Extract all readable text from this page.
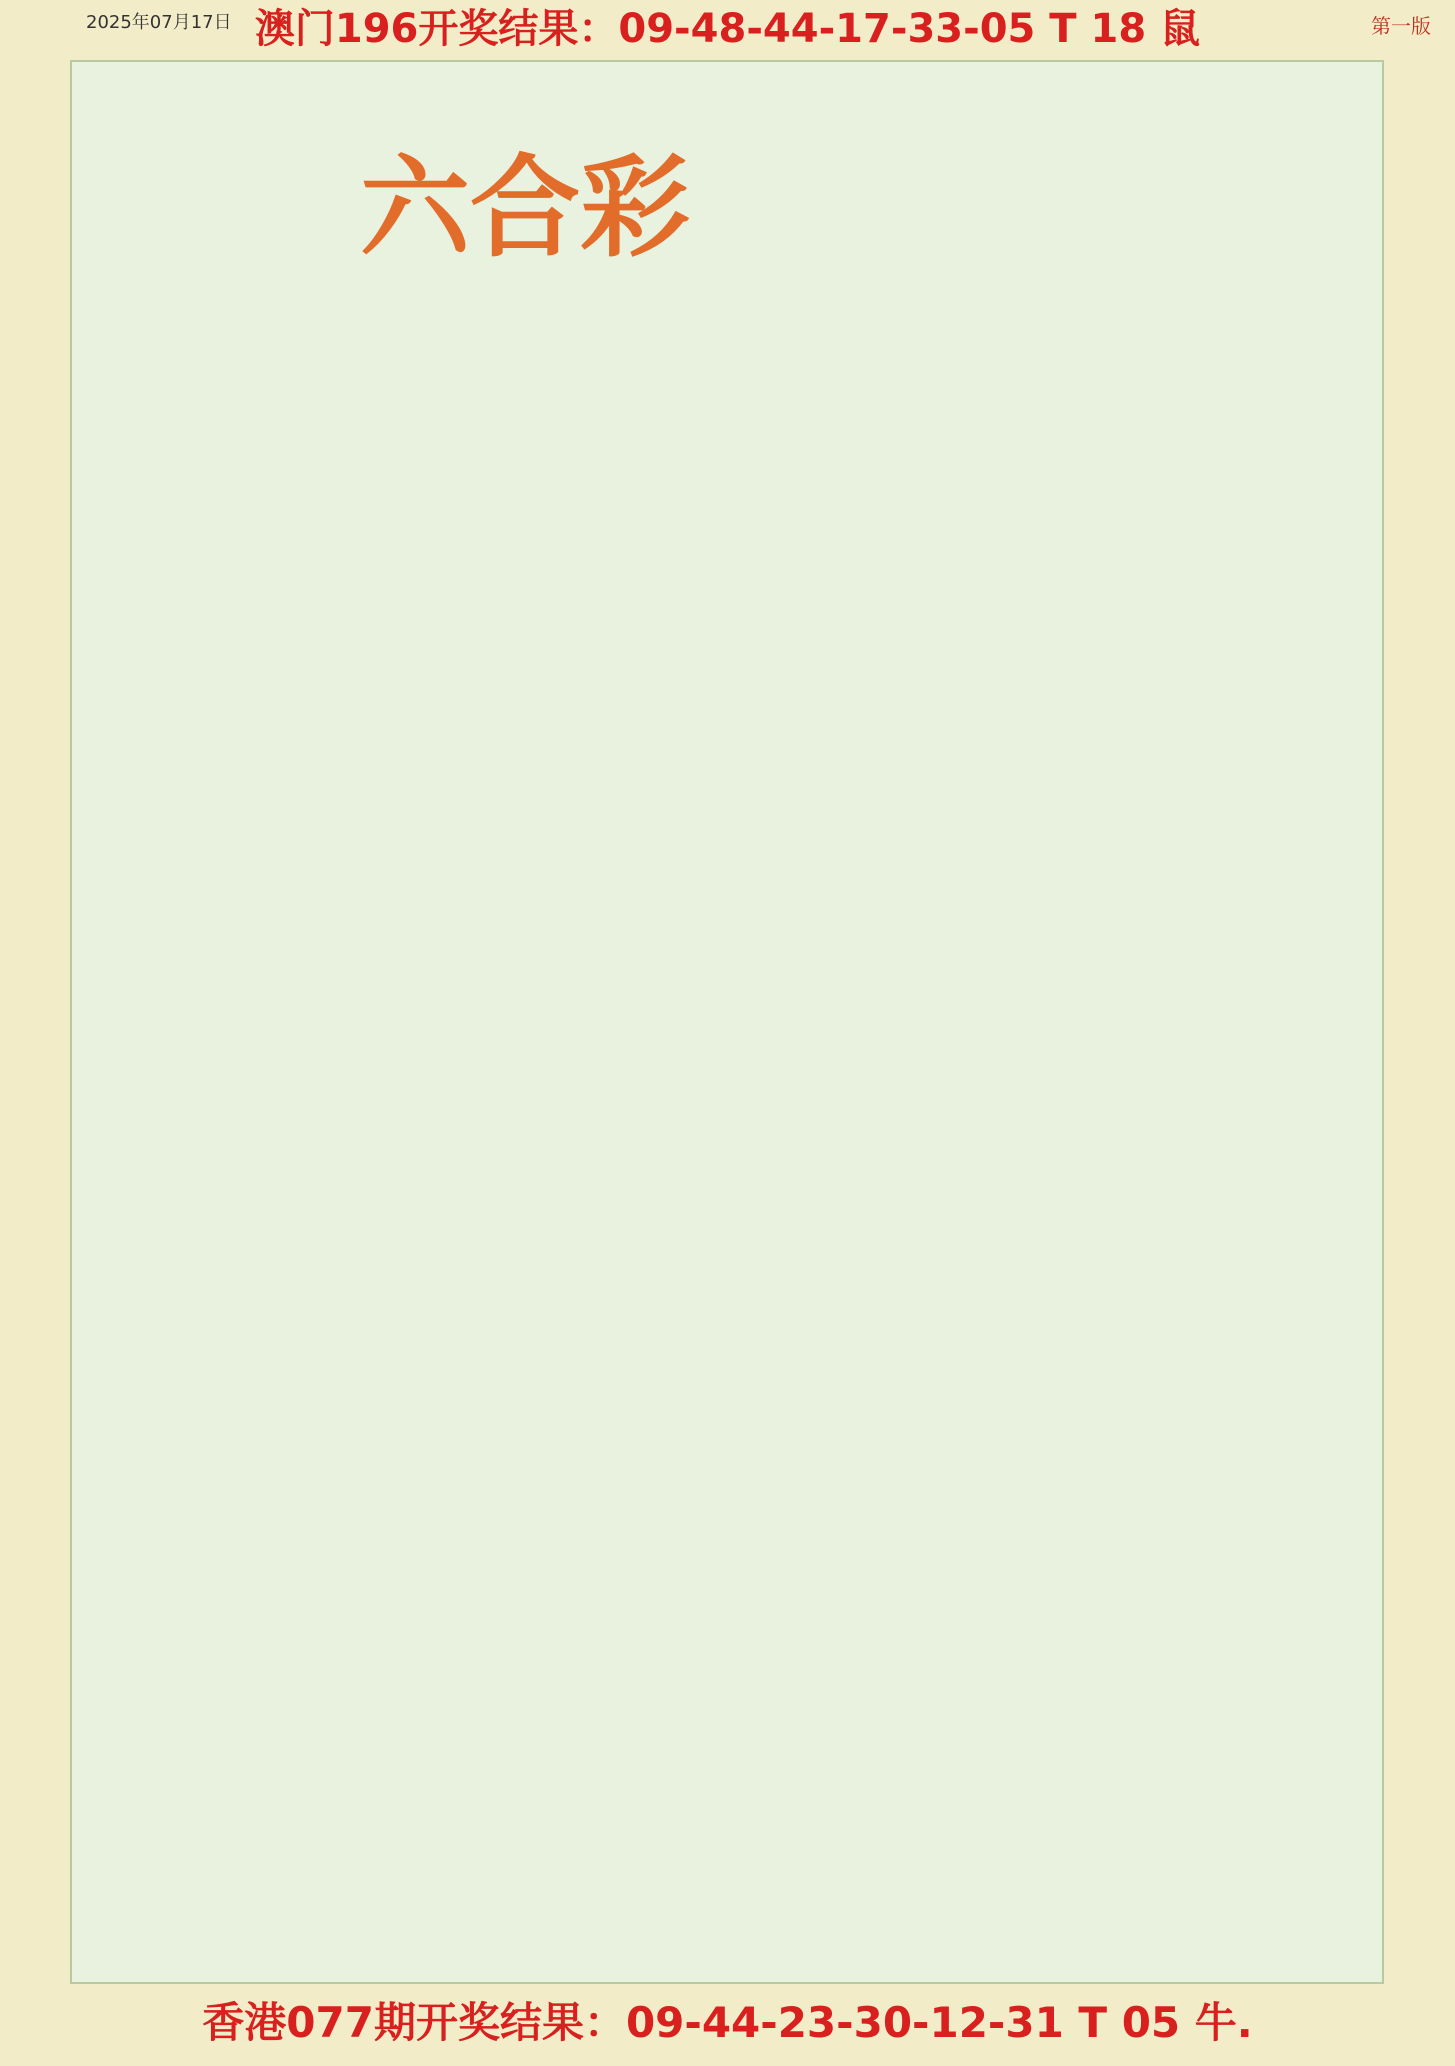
2025年07月17日 澳门196开奖结果：09-48-44-17-33-05 T 18 鼠	第一版
六合彩
香港077期开奖结果：09-44-23-30-12-31 T 05 牛.
